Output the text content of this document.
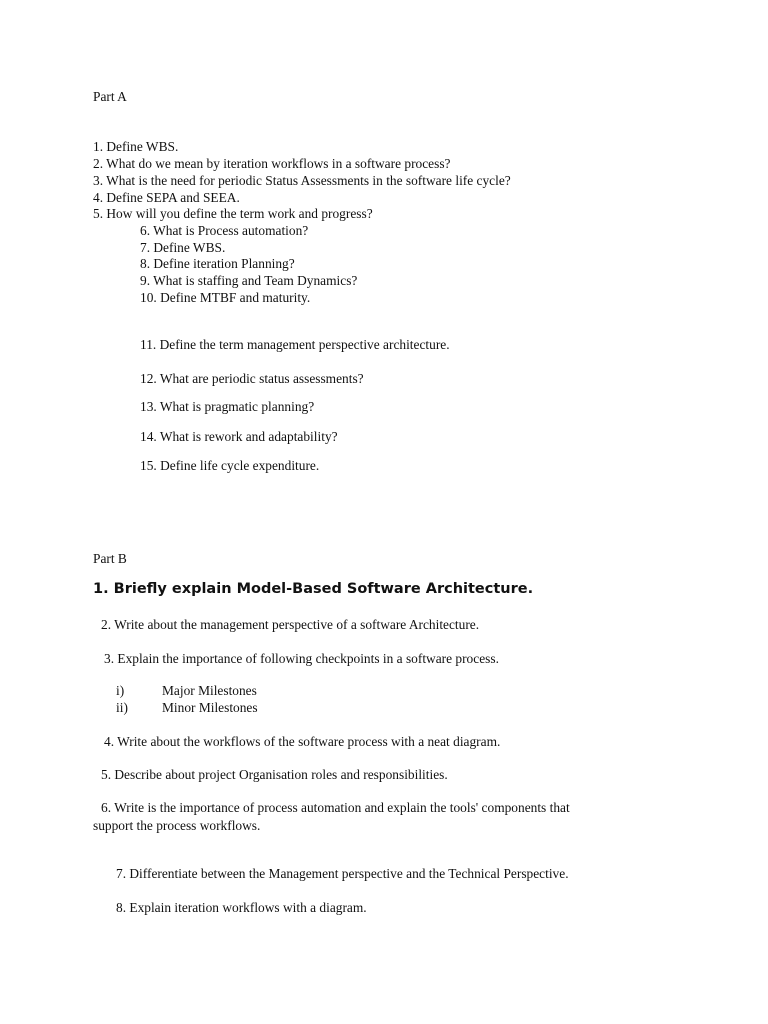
Part A
1. Define WBS.
2. What do we mean by iteration workflows in a software process?
3. What is the need for periodic Status Assessments in the software life cycle?
4. Define SEPA and SEEA.
5. How will you define the term work and progress?
6. What is Process automation?
7. Define WBS.
8. Define iteration Planning?
9. What is staffing and Team Dynamics?
10. Define MTBF and maturity.
11. Define the term management perspective architecture.
12. What are periodic status assessments?
13. What is pragmatic planning?
14. What is rework and adaptability?
15. Define life cycle expenditure.
Part B
1. Briefly explain Model-Based Software Architecture.
2. Write about the management perspective of a software Architecture.
3. Explain the importance of following checkpoints in a software process.
i)	Major Milestones
ii)	Minor Milestones
4. Write about the workflows of the software process with a neat diagram.
5. Describe about project Organisation roles and responsibilities.
6. Write is the importance of process automation and explain the tools' components that
support the process workflows.
7. Differentiate between the Management perspective and the Technical Perspective.
8. Explain iteration workflows with a diagram.
